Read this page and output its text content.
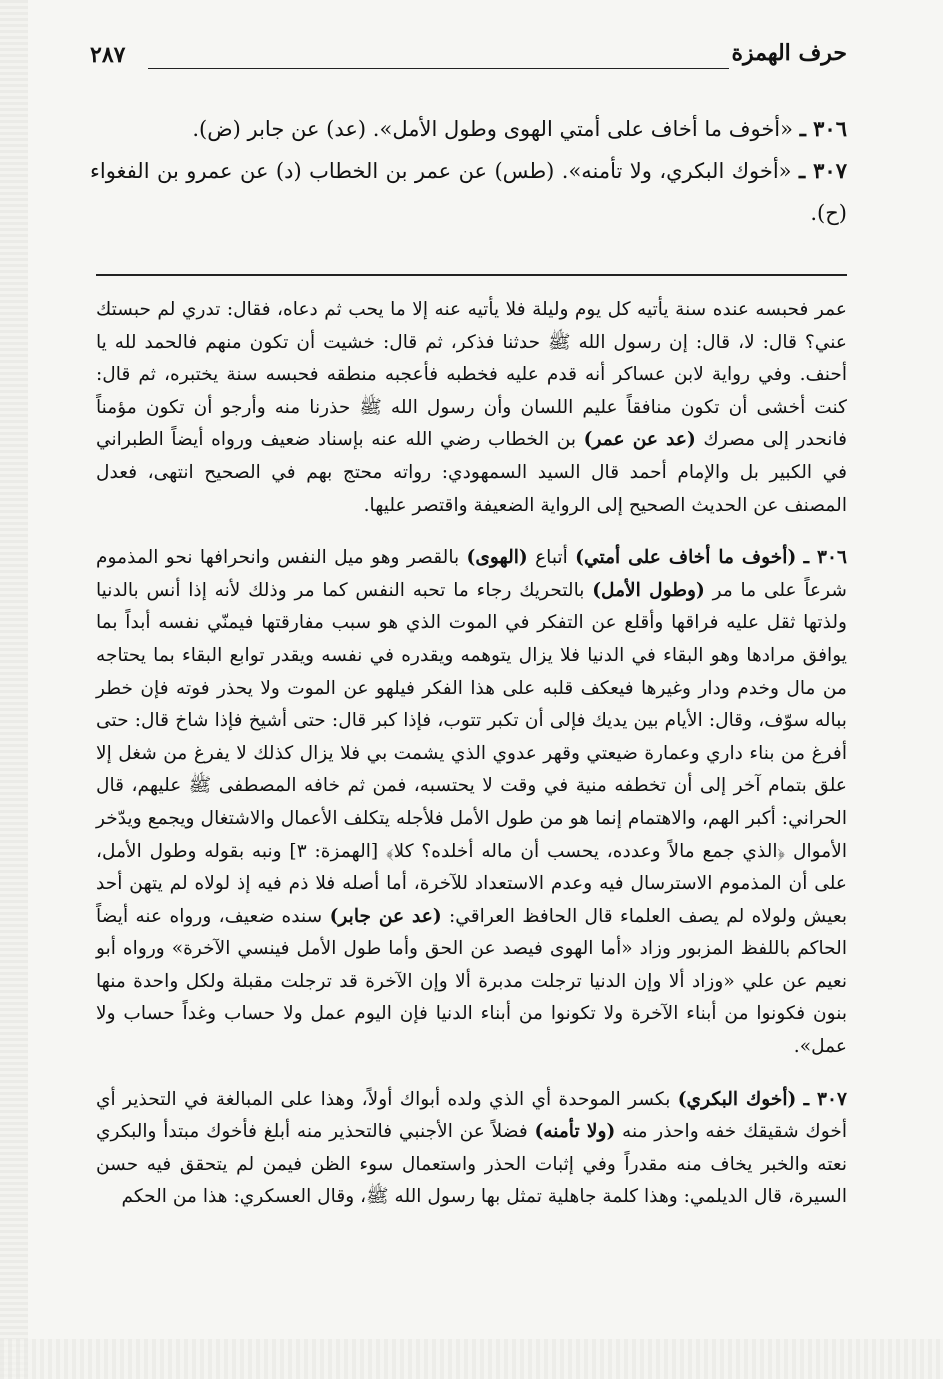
حرف الهمزة
٢٨٧

٣٠٦ ـ «أخوف ما أخاف على أمتي الهوى وطول الأمل». (عد) عن جابر (ض).

٣٠٧ ـ «أخوك البكري، ولا تأمنه». (طس) عن عمر بن الخطاب (د) عن عمرو بن الفغواء (ح).

عمر فحبسه عنده سنة يأتيه كل يوم وليلة فلا يأتيه عنه إلا ما يحب ثم دعاه، فقال: تدري لم حبستك عني؟ قال: لا، قال: إن رسول الله ﷺ حدثنا فذكر، ثم قال: خشيت أن تكون منهم فالحمد لله يا أحنف. وفي رواية لابن عساكر أنه قدم عليه فخطبه فأعجبه منطقه فحبسه سنة يختبره، ثم قال: كنت أخشى أن تكون منافقاً عليم اللسان وأن رسول الله ﷺ حذرنا منه وأرجو أن تكون مؤمناً فانحدر إلى مصرك (عد عن عمر) بن الخطاب رضي الله عنه بإسناد ضعيف ورواه أيضاً الطبراني في الكبير بل والإمام أحمد قال السيد السمهودي: رواته محتج بهم في الصحيح انتهى، فعدل المصنف عن الحديث الصحيح إلى الرواية الضعيفة واقتصر عليها.

٣٠٦ ـ (أخوف ما أخاف على أمتي) أتباع (الهوى) بالقصر وهو ميل النفس وانحرافها نحو المذموم شرعاً على ما مر (وطول الأمل) بالتحريك رجاء ما تحبه النفس كما مر وذلك لأنه إذا أنس بالدنيا ولذتها ثقل عليه فراقها وأقلع عن التفكر في الموت الذي هو سبب مفارقتها فيمنّي نفسه أبداً بما يوافق مرادها وهو البقاء في الدنيا فلا يزال يتوهمه ويقدره في نفسه ويقدر توابع البقاء بما يحتاجه من مال وخدم ودار وغيرها فيعكف قلبه على هذا الفكر فيلهو عن الموت ولا يحذر فوته فإن خطر بباله سوّف، وقال: الأيام بين يديك فإلى أن تكبر تتوب، فإذا كبر قال: حتى أشيخ فإذا شاخ قال: حتى أفرغ من بناء داري وعمارة ضيعتي وقهر عدوي الذي يشمت بي فلا يزال كذلك لا يفرغ من شغل إلا علق بتمام آخر إلى أن تخطفه منية في وقت لا يحتسبه، فمن ثم خافه المصطفى ﷺ عليهم، قال الحراني: أكبر الهم، والاهتمام إنما هو من طول الأمل فلأجله يتكلف الأعمال والاشتغال ويجمع ويدّخر الأموال ﴿الذي جمع مالاً وعدده، يحسب أن ماله أخلده؟ كلا﴾ [الهمزة: ٣] ونبه بقوله وطول الأمل، على أن المذموم الاسترسال فيه وعدم الاستعداد للآخرة، أما أصله فلا ذم فيه إذ لولاه لم يتهن أحد بعيش ولولاه لم يصف العلماء قال الحافظ العراقي: (عد عن جابر) سنده ضعيف، ورواه عنه أيضاً الحاكم باللفظ المزبور وزاد «أما الهوى فيصد عن الحق وأما طول الأمل فينسي الآخرة» ورواه أبو نعيم عن علي «وزاد ألا وإن الدنيا ترجلت مدبرة ألا وإن الآخرة قد ترجلت مقبلة ولكل واحدة منها بنون فكونوا من أبناء الآخرة ولا تكونوا من أبناء الدنيا فإن اليوم عمل ولا حساب وغداً حساب ولا عمل».

٣٠٧ ـ (أخوك البكري) بكسر الموحدة أي الذي ولده أبواك أولاً، وهذا على المبالغة في التحذير أي أخوك شقيقك خفه واحذر منه (ولا تأمنه) فضلاً عن الأجنبي فالتحذير منه أبلغ فأخوك مبتدأ والبكري نعته والخبر يخاف منه مقدراً وفي إثبات الحذر واستعمال سوء الظن فيمن لم يتحقق فيه حسن السيرة، قال الديلمي: وهذا كلمة جاهلية تمثل بها رسول الله ﷺ، وقال العسكري: هذا من الحكم
